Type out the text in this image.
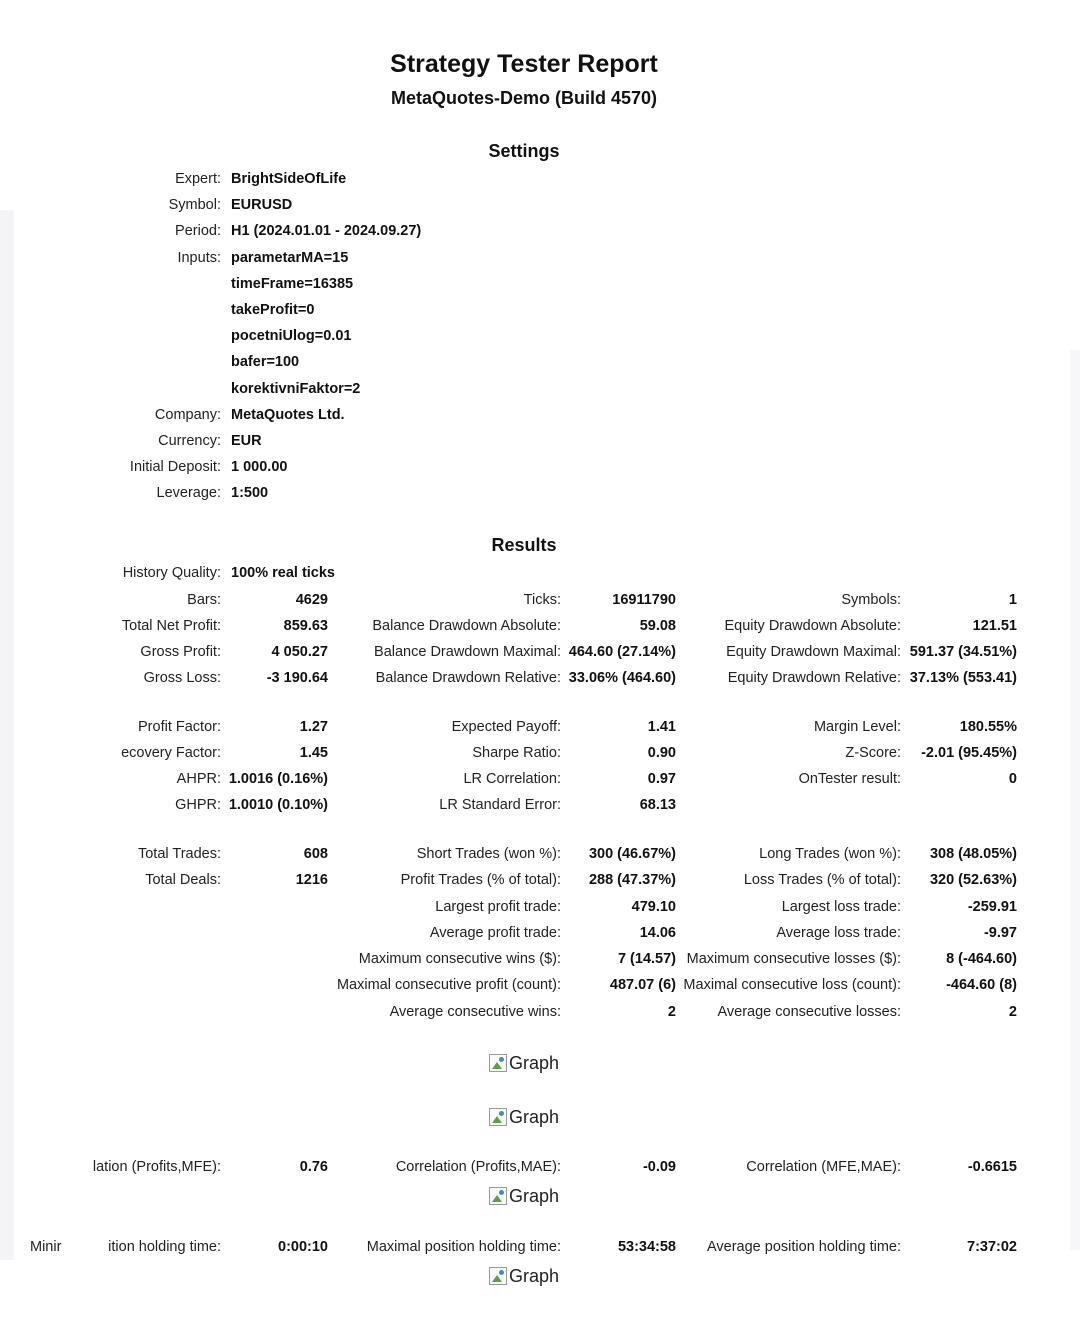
Strategy Tester Report
MetaQuotes-Demo (Build 4570)
Settings
Expert: BrightSideOfLife
Symbol: EURUSD
Period: H1 (2024.01.01 - 2024.09.27)
Inputs: parametarMA=15
timeFrame=16385
takeProfit=0
pocetniUlog=0.01
bafer=100
korektivniFaktor=2
Company: MetaQuotes Ltd.
Currency: EUR
Initial Deposit: 1 000.00
Leverage: 1:500
Results
History Quality: 100% real ticks
Bars:	4629	Ticks:	16911790	Symbols:	1
Total Net Profit:	859.63	Balance Drawdown Absolute:	59.08	Equity Drawdown Absolute:	121.51
Gross Profit:	4 050.27	Balance Drawdown Maximal: 464.60 (27.14%)	Equity Drawdown Maximal: 591.37 (34.51%)
Gross Loss:	-3 190.64	Balance Drawdown Relative: 33.06% (464.60)	Equity Drawdown Relative: 37.13% (553.41)
Profit Factor:	1.27	Expected Payoff:	1.41	Margin Level:	180.55%
ecovery Factor:	1.45	Sharpe Ratio:	0.90	Z-Score:	-2.01 (95.45%)
AHPR: 1.0016 (0.16%)	LR Correlation:	0.97	OnTester result:	0
GHPR: 1.0010 (0.10%)	LR Standard Error:	68.13
Total Trades:	608	Short Trades (won %):	300 (46.67%)	Long Trades (won %):	308 (48.05%)
Total Deals:	1216	Profit Trades (% of total):	288 (47.37%)	Loss Trades (% of total):	320 (52.63%)
Largest profit trade:	479.10	Largest loss trade:	-259.91
Average profit trade:	14.06	Average loss trade:	-9.97
Maximum consecutive wins ($):	7 (14.57) Maximum consecutive losses ($):	8 (-464.60)
Maximal consecutive profit (count):	487.07 (6) Maximal consecutive loss (count):	-464.60 (8)
Average consecutive wins:	2	Average consecutive losses:	2
lation (Profits,MFE):	0.76	Correlation (Profits,MAE):	-0.09	Correlation (MFE,MAE):	-0.6615
ition holding time:	0:00:10	Maximal position holding time:	53:34:58	Average position holding time:	7:37:02
Minir
Graph
Graph
Graph
Graph
